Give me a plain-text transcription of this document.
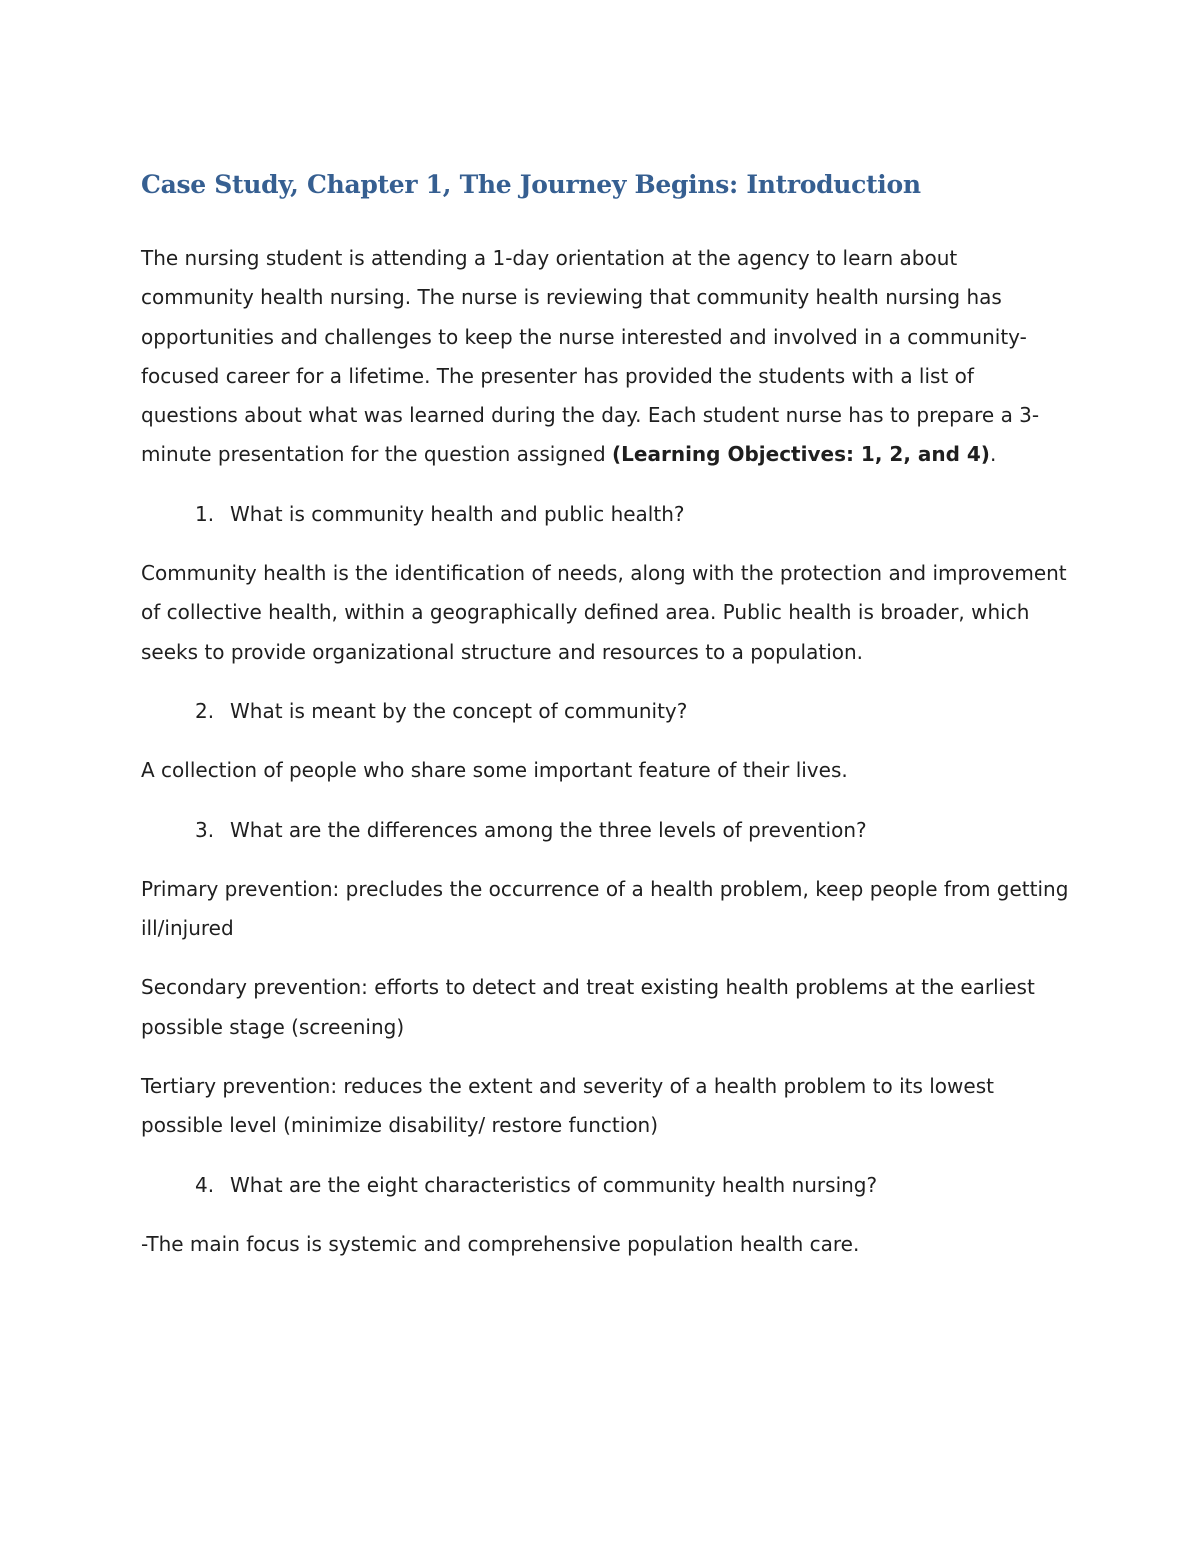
Case Study, Chapter 1, The Journey Begins: Introduction

The nursing student is attending a 1-day orientation at the agency to learn about community health nursing. The nurse is reviewing that community health nursing has opportunities and challenges to keep the nurse interested and involved in a community-focused career for a lifetime. The presenter has provided the students with a list of questions about what was learned during the day. Each student nurse has to prepare a 3-minute presentation for the question assigned (Learning Objectives: 1, 2, and 4).

1. What is community health and public health?

Community health is the identification of needs, along with the protection and improvement of collective health, within a geographically defined area. Public health is broader, which seeks to provide organizational structure and resources to a population.

2. What is meant by the concept of community?

A collection of people who share some important feature of their lives.

3. What are the differences among the three levels of prevention?

Primary prevention: precludes the occurrence of a health problem, keep people from getting ill/injured

Secondary prevention: efforts to detect and treat existing health problems at the earliest possible stage (screening)

Tertiary prevention: reduces the extent and severity of a health problem to its lowest possible level (minimize disability/ restore function)

4. What are the eight characteristics of community health nursing?

-The main focus is systemic and comprehensive population health care.
